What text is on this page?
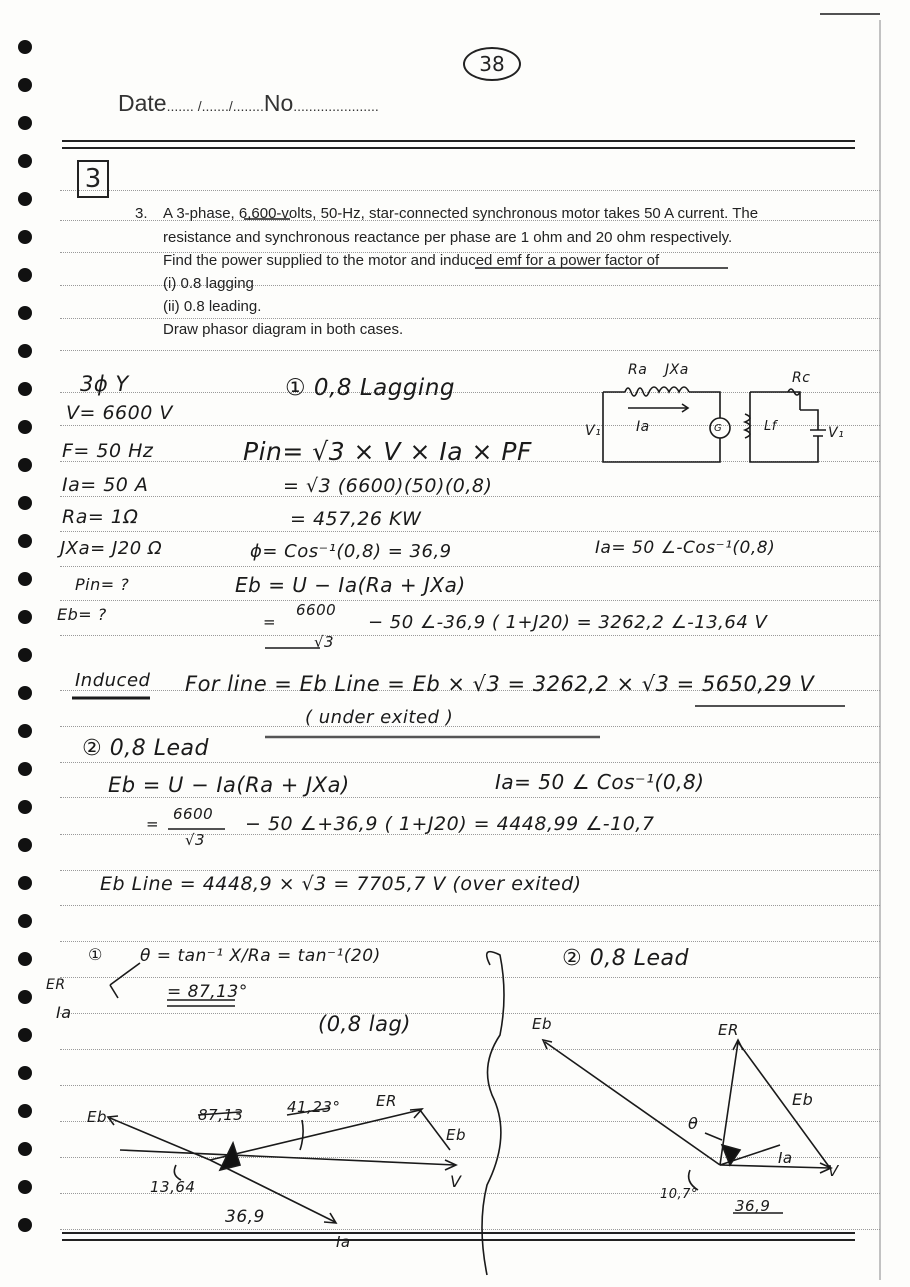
38
Date....... /......./........No......................
3
3. A 3-phase, 6,600-volts, 50-Hz, star-connected synchronous motor takes 50 A current. The
resistance and synchronous reactance per phase are 1 ohm and 20 ohm respectively.
Find the power supplied to the motor and induced emf for a power factor of
(i) 0.8 lagging
(ii) 0.8 leading.
Draw phasor diagram in both cases.
3ϕ Y
V= 6600 V
F= 50 Hz
Ia= 50 A
Ra= 1Ω
JXa= J20 Ω
Pin= ?
Eb= ?
① 0,8 Lagging
Pin= √3 × V × Ia × PF
= √3 (6600)(50)(0,8)
= 457,26 KW
ϕ= Cos⁻¹(0,8) = 36,9	Ia= 50 ∠-Cos⁻¹(0,8)
Eb = U − Ia(Ra + JXa)
6600
√3
=	− 50 ∠-36,9 ( 1+J20) = 3262,2 ∠-13,64 V
Induced For line = Eb Line = Eb × √3 = 3262,2 × √3 = 5650,29 V
( under exited )
② 0,8 Lead
Eb = U − Ia(Ra + JXa)	Ia= 50 ∠ Cos⁻¹(0,8)
6600
√3
=	− 50 ∠+36,9 ( 1+J20) = 4448,99 ∠-10,7
Eb Line = 4448,9 × √3 = 7705,7 V (over exited)
Ra JXa	Rc
V₁	V₁
Ia	Lf
G
① θ = tan⁻¹ X/Ra = tan⁻¹(20)
= 87,13°
ER
Ia	(0,8 lag)
Eb	87,13	41,23° ER
Eb
V
13,64
36,9
Ia
② 0,8 Lead
Eb	ER
Eb
θ
Ia
V
10,7°
36,9
